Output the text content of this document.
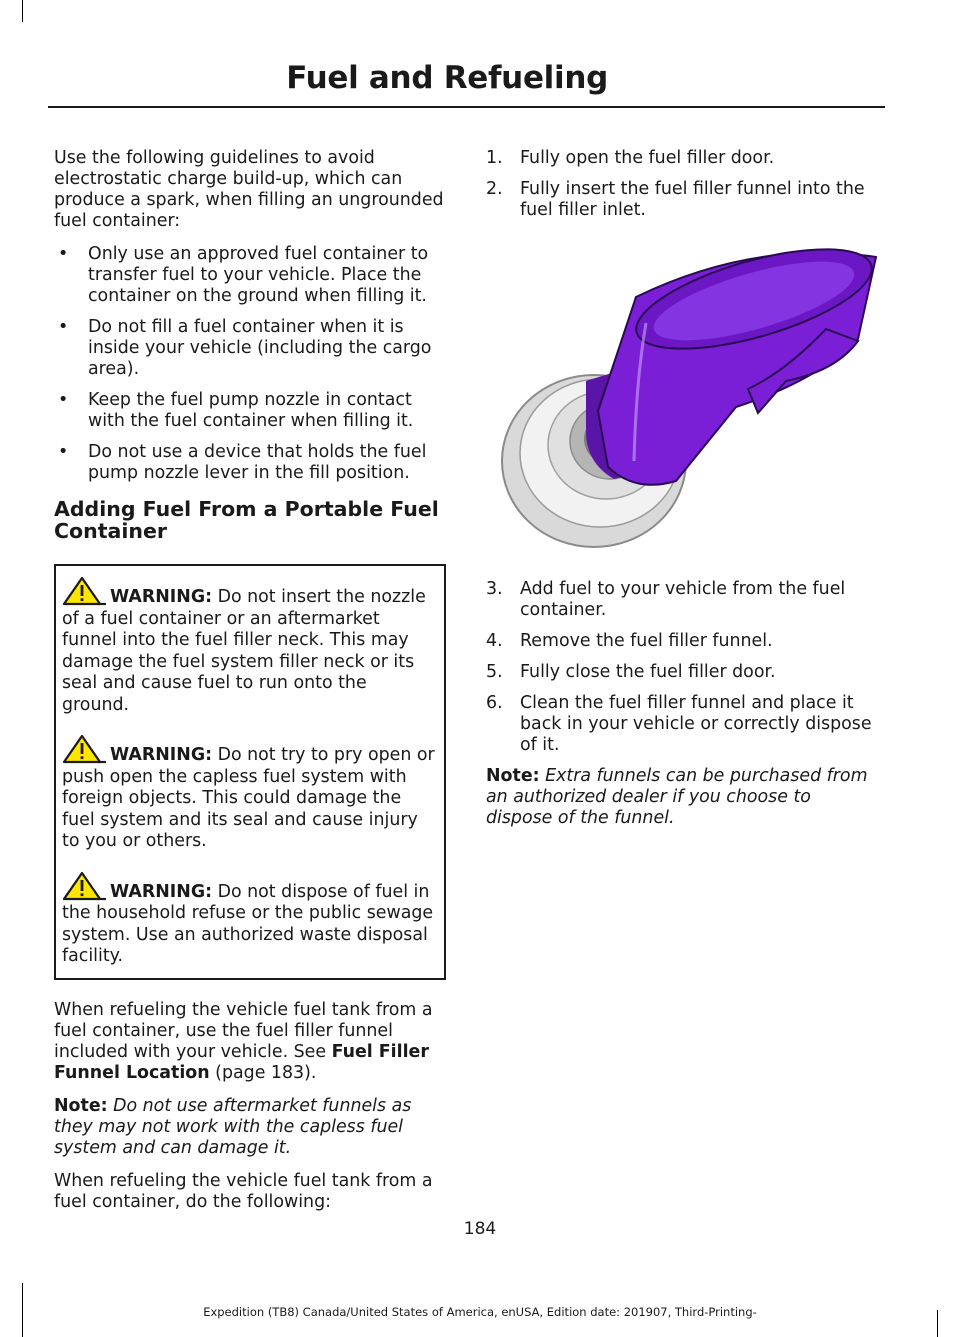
Fuel and Refueling

Use the following guidelines to avoid electrostatic charge build-up, which can produce a spark, when filling an ungrounded fuel container:

• Only use an approved fuel container to transfer fuel to your vehicle. Place the container on the ground when filling it.
• Do not fill a fuel container when it is inside your vehicle (including the cargo area).
• Keep the fuel pump nozzle in contact with the fuel container when filling it.
• Do not use a device that holds the fuel pump nozzle lever in the fill position.
Adding Fuel From a Portable Fuel Container

WARNING: Do not insert the nozzle of a fuel container or an aftermarket funnel into the fuel filler neck. This may damage the fuel system filler neck or its seal and cause fuel to run onto the ground.

WARNING: Do not try to pry open or push open the capless fuel system with foreign objects. This could damage the fuel system and its seal and cause injury to you or others.

WARNING: Do not dispose of fuel in the household refuse or the public sewage system. Use an authorized waste disposal facility.

When refueling the vehicle fuel tank from a fuel container, use the fuel filler funnel included with your vehicle. See Fuel Filler Funnel Location (page 183).

Note: Do not use aftermarket funnels as they may not work with the capless fuel system and can damage it.

When refueling the vehicle fuel tank from a fuel container, do the following:

1. Fully open the fuel filler door.
2. Fully insert the fuel filler funnel into the fuel filler inlet.
3. Add fuel to your vehicle from the fuel container.
4. Remove the fuel filler funnel.
5. Fully close the fuel filler door.
6. Clean the fuel filler funnel and place it back in your vehicle or correctly dispose of it.

Note: Extra funnels can be purchased from an authorized dealer if you choose to dispose of the funnel.

184
Expedition (TB8) Canada/United States of America, enUSA, Edition date: 201907, Third-Printing-
